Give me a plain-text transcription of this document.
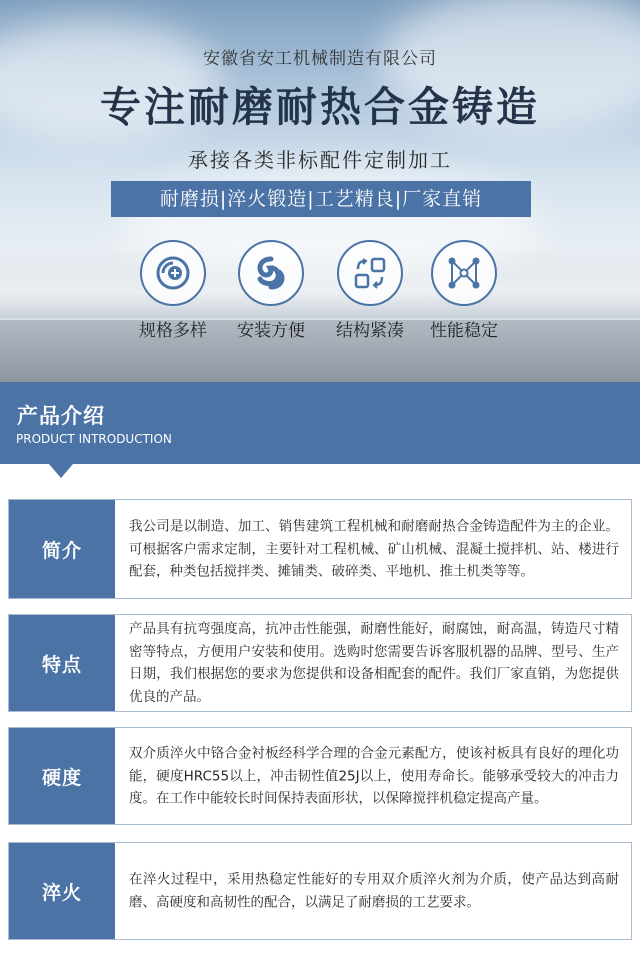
安徽省安工机械制造有限公司
专注耐磨耐热合金铸造
承接各类非标配件定制加工
耐磨损|淬火锻造|工艺精良|厂家直销
规格多样	安装方便	结构紧凑	性能稳定
产品介绍
PRODUCT INTRODUCTION
简介
我公司是以制造、加工、销售建筑工程机械和耐磨耐热合金铸造配件为主的企业。可根据客户需求定制，主要针对工程机械、矿山机械、混凝土搅拌机、站、楼进行配套，种类包括搅拌类、摊铺类、破碎类、平地机、推土机类等等。
特点
产品具有抗弯强度高，抗冲击性能强，耐磨性能好，耐腐蚀，耐高温，铸造尺寸精密等特点，方便用户安装和使用。选购时您需要告诉客服机器的品牌、型号、生产日期，我们根据您的要求为您提供和设备相配套的配件。我们厂家直销，为您提供优良的产品。
硬度
双介质淬火中铬合金衬板经科学合理的合金元素配方，使该衬板具有良好的理化功能，硬度HRC55以上，冲击韧性值25J以上，使用寿命长。能够承受较大的冲击力度。在工作中能较长时间保持表面形状，以保障搅拌机稳定提高产量。
淬火
在淬火过程中，采用热稳定性能好的专用双介质淬火剂为介质，使产品达到高耐磨、高硬度和高韧性的配合，以满足了耐磨损的工艺要求。
